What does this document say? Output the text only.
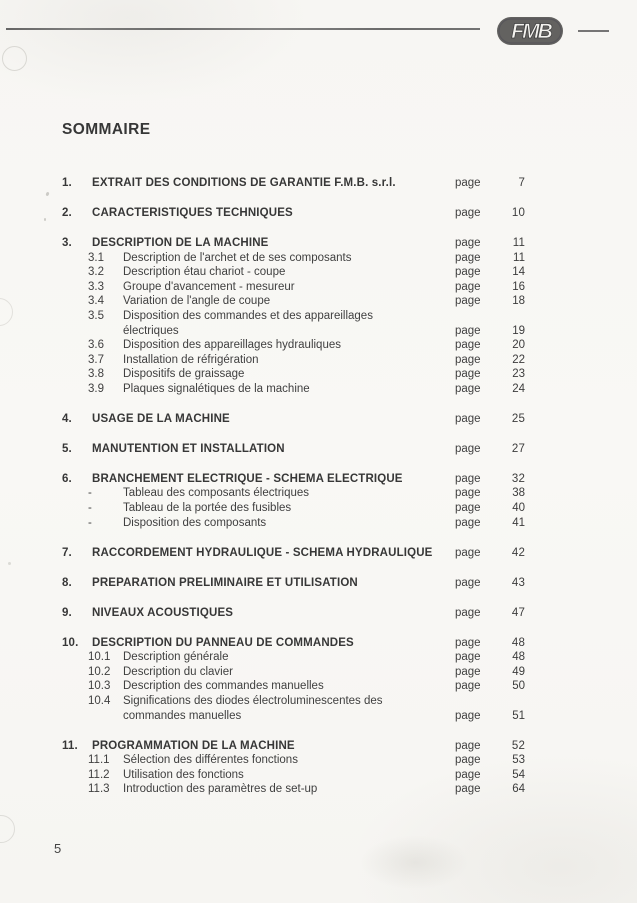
FMB
SOMMAIRE
1. EXTRAIT DES CONDITIONS DE GARANTIE F.M.B. s.r.l.	page	7
2. CARACTERISTIQUES TECHNIQUES	page	10
3. DESCRIPTION DE LA MACHINE	page	11
3.1 Description de l'archet et de ses composants	page	11
3.2 Description étau chariot - coupe	page	14
3.3 Groupe d'avancement - mesureur	page	16
3.4 Variation de l'angle de coupe	page	18
3.5 Disposition des commandes et des appareillages
électriques	page	19
3.6 Disposition des appareillages hydrauliques	page	20
3.7 Installation de réfrigération	page	22
3.8 Dispositifs de graissage	page	23
3.9 Plaques signalétiques de la machine	page	24
4. USAGE DE LA MACHINE	page	25
5. MANUTENTION ET INSTALLATION	page	27
6. BRANCHEMENT ELECTRIQUE - SCHEMA ELECTRIQUE	page	32
-	Tableau des composants électriques	page	38
-	Tableau de la portée des fusibles	page	40
-	Disposition des composants	page	41
7. RACCORDEMENT HYDRAULIQUE - SCHEMA HYDRAULIQUE page	42
8. PREPARATION PRELIMINAIRE ET UTILISATION	page	43
9. NIVEAUX ACOUSTIQUES	page	47
10. DESCRIPTION DU PANNEAU DE COMMANDES	page	48
10.1 Description générale	page	48
10.2 Description du clavier	page	49
10.3 Description des commandes manuelles	page	50
10.4 Significations des diodes électroluminescentes des
commandes manuelles	page	51
11. PROGRAMMATION DE LA MACHINE	page	52
11.1 Sélection des différentes fonctions	page	53
11.2 Utilisation des fonctions	page	54
11.3 Introduction des paramètres de set-up	page	64
5
